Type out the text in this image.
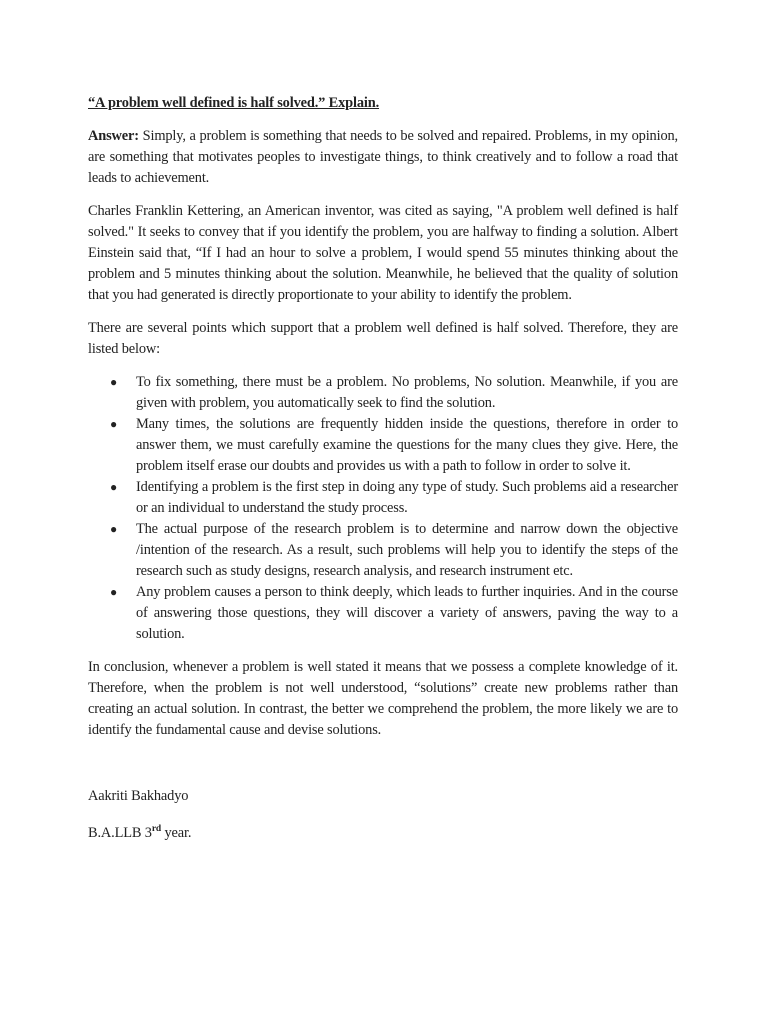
“A problem well defined is half solved.” Explain.

Answer: Simply, a problem is something that needs to be solved and repaired. Problems, in my opinion, are something that motivates peoples to investigate things, to think creatively and to follow a road that leads to achievement.

Charles Franklin Kettering, an American inventor, was cited as saying, "A problem well defined is half solved." It seeks to convey that if you identify the problem, you are halfway to finding a solution. Albert Einstein said that, “If I had an hour to solve a problem, I would spend 55 minutes thinking about the problem and 5 minutes thinking about the solution. Meanwhile, he believed that the quality of solution that you had generated is directly proportionate to your ability to identify the problem.

There are several points which support that a problem well defined is half solved. Therefore, they are listed below:

● To fix something, there must be a problem. No problems, No solution. Meanwhile, if you are given with problem, you automatically seek to find the solution.
● Many times, the solutions are frequently hidden inside the questions, therefore in order to answer them, we must carefully examine the questions for the many clues they give. Here, the problem itself erase our doubts and provides us with a path to follow in order to solve it.
● Identifying a problem is the first step in doing any type of study. Such problems aid a researcher or an individual to understand the study process.
● The actual purpose of the research problem is to determine and narrow down the objective /intention of the research. As a result, such problems will help you to identify the steps of the research such as study designs, research analysis, and research instrument etc.
● Any problem causes a person to think deeply, which leads to further inquiries. And in the course of answering those questions, they will discover a variety of answers, paving the way to a solution.

In conclusion, whenever a problem is well stated it means that we possess a complete knowledge of it. Therefore, when the problem is not well understood, “solutions” create new problems rather than creating an actual solution. In contrast, the better we comprehend the problem, the more likely we are to identify the fundamental cause and devise solutions.

Aakriti Bakhadyo
B.A.LLB 3rd year.
